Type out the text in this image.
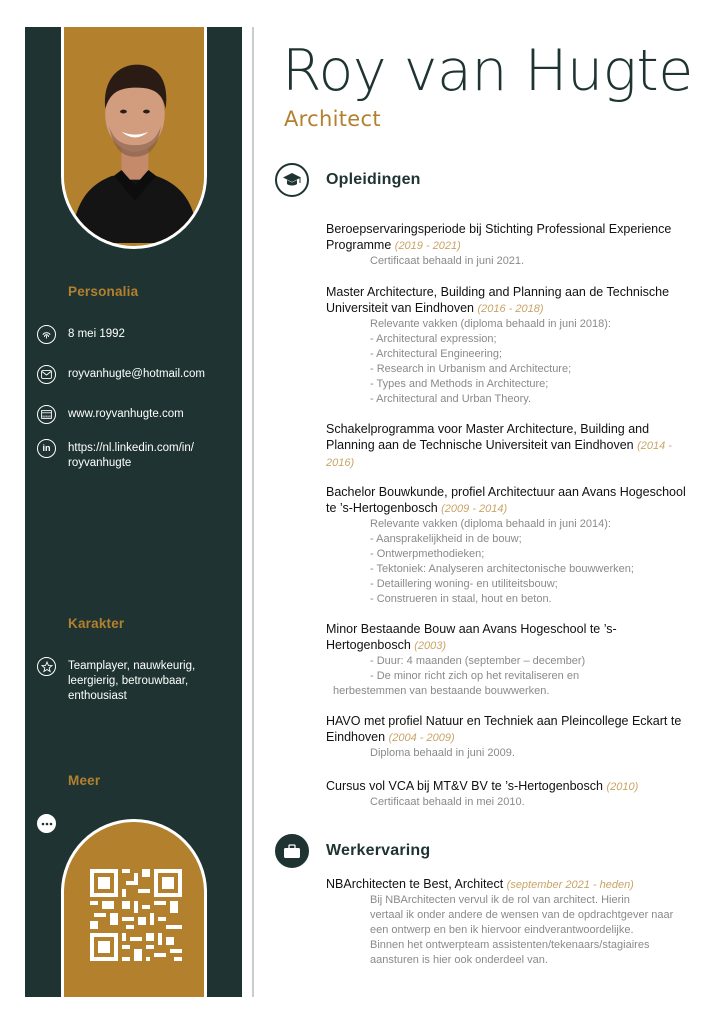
Personalia
8 mei 1992
royvanhugte@hotmail.com
www www.royvanhugte.com
in https://nl.linkedin.com/in/
royvanhugte
Karakter
Teamplayer, nauwkeurig, leergierig, betrouwbaar, enthousiast
Meer
Roy van Hugte
Architect
Opleidingen
Beroepservaringsperiode bij Stichting Professional Experience Programme (2019 - 2021)
Certificaat behaald in juni 2021.
Master Architecture, Building and Planning aan de Technische Universiteit van Eindhoven (2016 - 2018)
Relevante vakken (diploma behaald in juni 2018):
- Architectural expression;
- Architectural Engineering;
- Research in Urbanism and Architecture;
- Types and Methods in Architecture;
- Architectural and Urban Theory.
Schakelprogramma voor Master Architecture, Building and Planning aan de Technische Universiteit van Eindhoven (2014 - 2016)
Bachelor Bouwkunde, profiel Architectuur aan Avans Hogeschool te ’s-Hertogenbosch (2009 - 2014)
Relevante vakken (diploma behaald in juni 2014):
- Aansprakelijkheid in de bouw;
- Ontwerpmethodieken;
- Tektoniek: Analyseren architectonische bouwwerken;
- Detaillering woning- en utiliteitsbouw;
- Construeren in staal, hout en beton.
Minor Bestaande Bouw aan Avans Hogeschool te ’s-Hertogenbosch (2003)
- Duur: 4 maanden (september – december)
- De minor richt zich op het revitaliseren en
herbestemmen van bestaande bouwwerken.
HAVO met profiel Natuur en Techniek aan Pleincollege Eckart te Eindhoven (2004 - 2009)
Diploma behaald in juni 2009.
Cursus vol VCA bij MT&V BV te ’s-Hertogenbosch (2010)
Certificaat behaald in mei 2010.
Werkervaring
NBArchitecten te Best, Architect (september 2021 - heden)
Bij NBArchitecten vervul ik de rol van architect. Hierin
vertaal ik onder andere de wensen van de opdrachtgever naar
een ontwerp en ben ik hiervoor eindverantwoordelijke.
Binnen het ontwerpteam assistenten/tekenaars/stagiaires
aansturen is hier ook onderdeel van.
